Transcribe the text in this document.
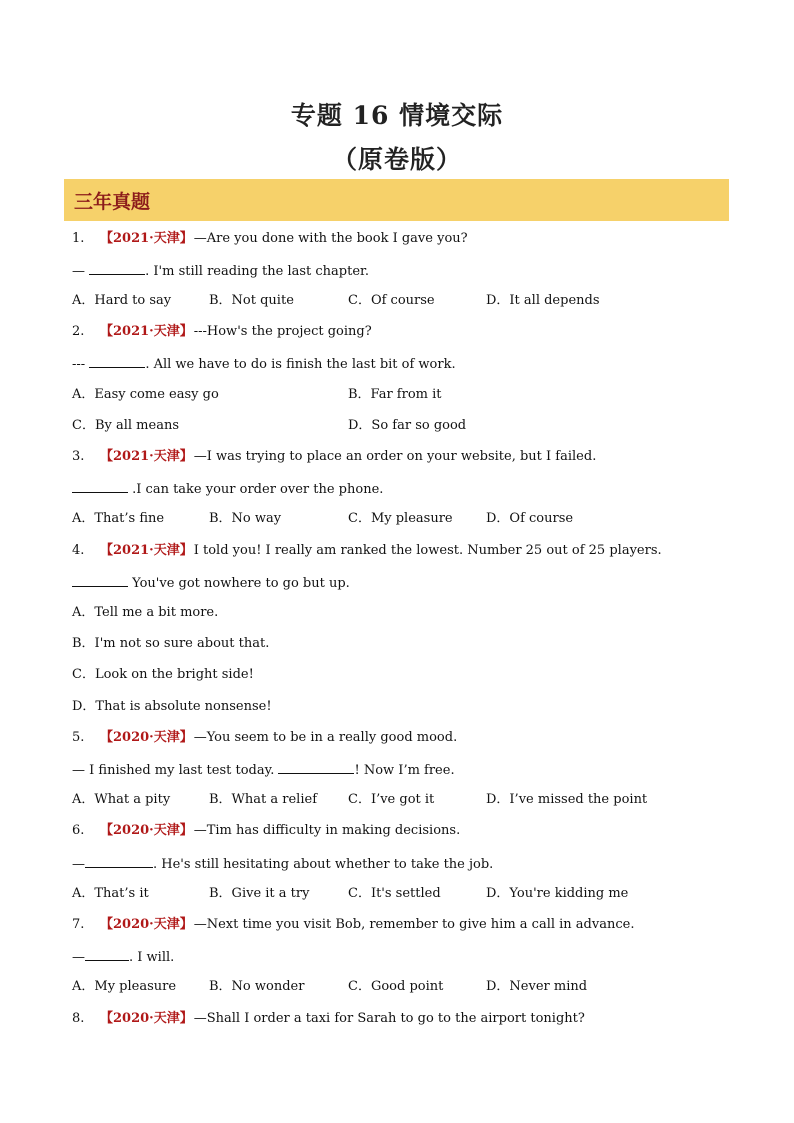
专题 16 情境交际
（原卷版）
三年真题
1. 【2021·天津】—Are you done with the book I gave you?
—	. I'm still reading the last chapter.
A．Hard to say	B．Not quite	C．Of course	D．It all depends
2. 【2021·天津】---How's the project going?
---	. All we have to do is finish the last bit of work.
A．Easy come easy go	B．Far from it
C．By all means	D．So far so good
3. 【2021·天津】—I was trying to place an order on your website, but I failed.
.I can take your order over the phone.
A．That’s fine	B．No way	C．My pleasure	D．Of course
4. 【2021·天津】I told you! I really am ranked the lowest. Number 25 out of 25 players.
You've got nowhere to go but up.
A．Tell me a bit more.
B．I'm not so sure about that.
C．Look on the bright side!
D．That is absolute nonsense!
5. 【2020·天津】—You seem to be in a really good mood.
— I finished my last test today.	! Now I’m free.
A．What a pity	B．What a relief C．I’ve got it	D．I’ve missed the point
6. 【2020·天津】—Tim has difficulty in making decisions.
—	. He's still hesitating about whether to take the job.
A．That’s it	B．Give it a try	C．It's settled	D．You're kidding me
7. 【2020·天津】—Next time you visit Bob, remember to give him a call in advance.
—	. I will.
A．My pleasure	B．No wonder	C．Good point	D．Never mind
8. 【2020·天津】—Shall I order a taxi for Sarah to go to the airport tonight?
